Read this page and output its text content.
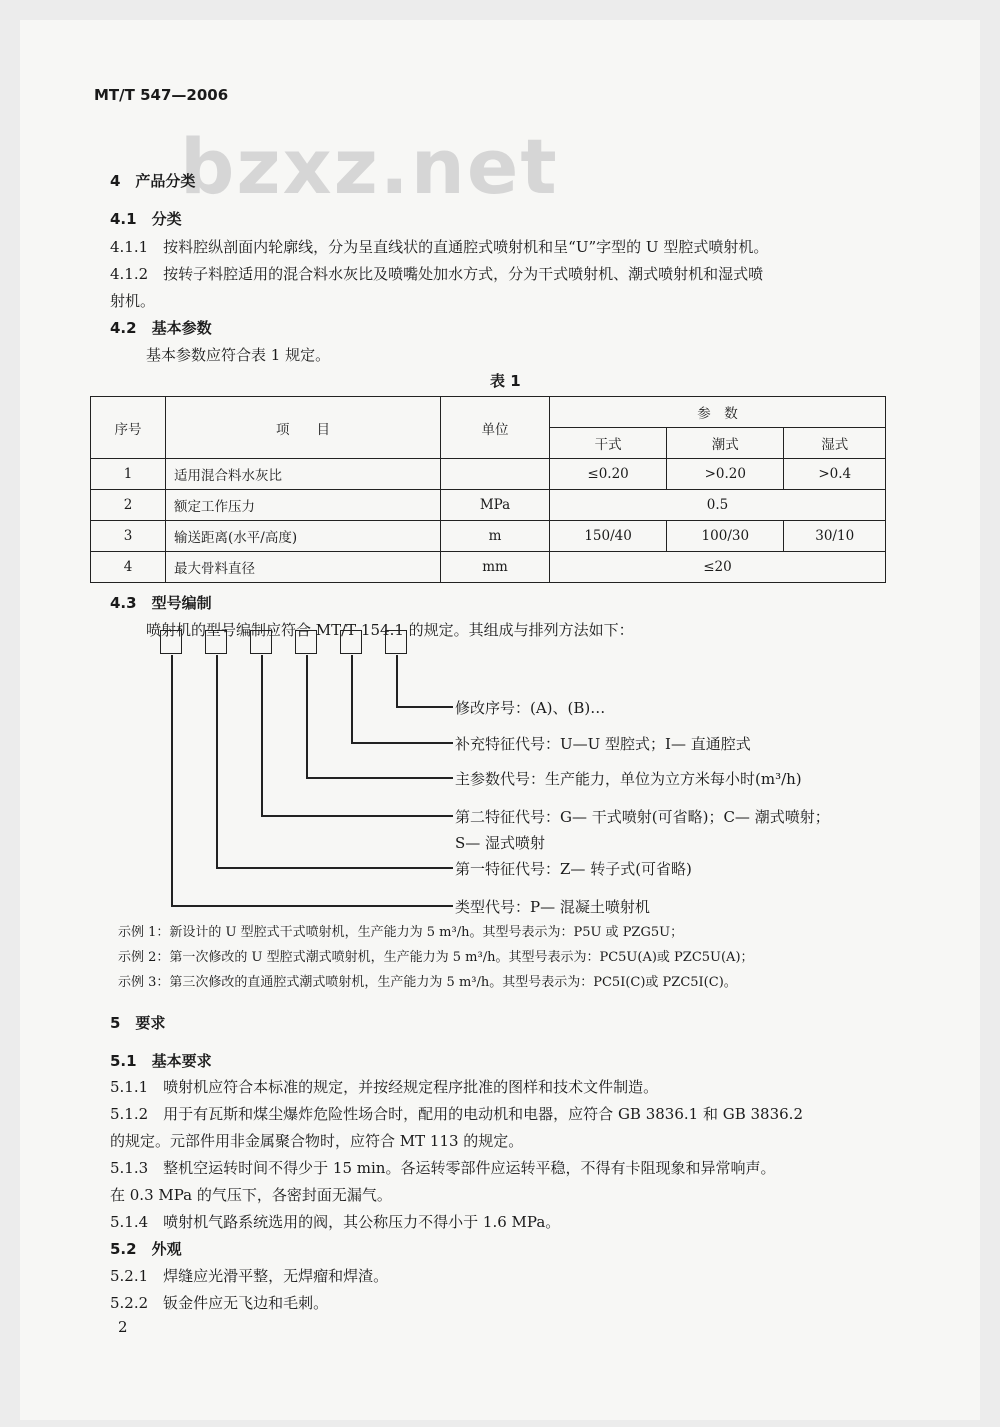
MT/T 547—2006
bzxz.net
4　产品分类
4.1　分类
4.1.1　按料腔纵剖面内轮廓线，分为呈直线状的直通腔式喷射机和呈“U”字型的 U 型腔式喷射机。
4.1.2　按转子料腔适用的混合料水灰比及喷嘴处加水方式，分为干式喷射机、潮式喷射机和湿式喷
射机。
4.2　基本参数
基本参数应符合表 1 规定。
表 1
序号	项　　目	单位	参　数		
			干式	潮式	湿式
1	适用混合料水灰比		≤0.20	>0.20	>0.4
2	额定工作压力	MPa	0.5		
3	输送距离(水平/高度)	m	150/40	100/30	30/10
4	最大骨料直径	mm	≤20		
4.3　型号编制
喷射机的型号编制应符合 MT/T 154.1 的规定。其组成与排列方法如下：
修改序号：(A)、(B)…
补充特征代号：U—U 型腔式；I— 直通腔式
主参数代号：生产能力，单位为立方米每小时(m³/h)
第二特征代号：G— 干式喷射(可省略)；C— 潮式喷射；
S— 湿式喷射
第一特征代号：Z— 转子式(可省略)
类型代号：P— 混凝土喷射机
示例 1：新设计的 U 型腔式干式喷射机，生产能力为 5 m³/h。其型号表示为：P5U 或 PZG5U；
示例 2：第一次修改的 U 型腔式潮式喷射机，生产能力为 5 m³/h。其型号表示为：PC5U(A)或 PZC5U(A)；
示例 3：第三次修改的直通腔式潮式喷射机，生产能力为 5 m³/h。其型号表示为：PC5I(C)或 PZC5I(C)。
5　要求
5.1　基本要求
5.1.1　喷射机应符合本标准的规定，并按经规定程序批准的图样和技术文件制造。
5.1.2　用于有瓦斯和煤尘爆炸危险性场合时，配用的电动机和电器，应符合 GB 3836.1 和 GB 3836.2
的规定。元部件用非金属聚合物时，应符合 MT 113 的规定。
5.1.3　整机空运转时间不得少于 15 min。各运转零部件应运转平稳，不得有卡阻现象和异常响声。
在 0.3 MPa 的气压下，各密封面无漏气。
5.1.4　喷射机气路系统选用的阀，其公称压力不得小于 1.6 MPa。
5.2　外观
5.2.1　焊缝应光滑平整，无焊瘤和焊渣。
5.2.2　钣金件应无飞边和毛刺。
2
